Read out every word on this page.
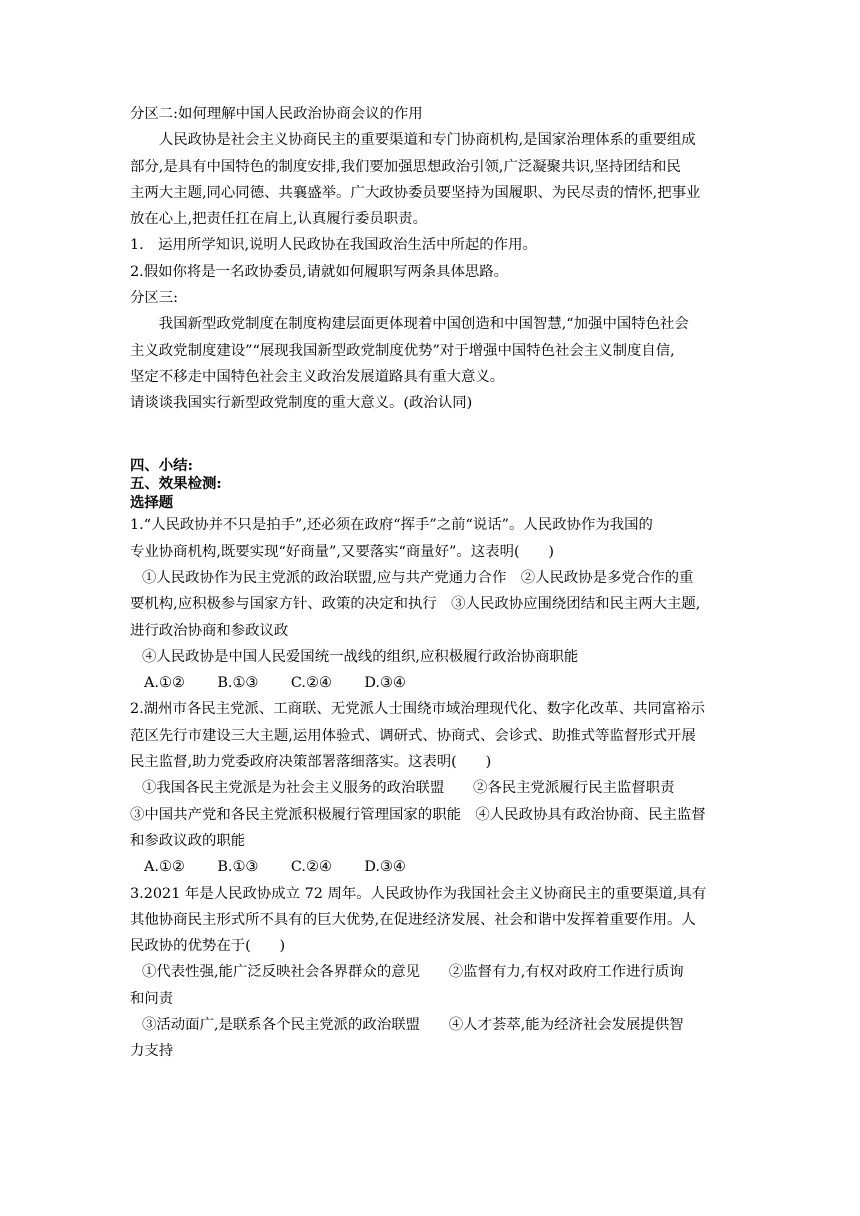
分区二:如何理解中国人民政治协商会议的作用
人民政协是社会主义协商民主的重要渠道和专门协商机构,是国家治理体系的重要组成
部分,是具有中国特色的制度安排,我们要加强思想政治引领,广泛凝聚共识,坚持团结和民
主两大主题,同心同德、共襄盛举。广大政协委员要坚持为国履职、为民尽责的情怀,把事业
放在心上,把责任扛在肩上,认真履行委员职责。
1.　运用所学知识,说明人民政协在我国政治生活中所起的作用。
2.假如你将是一名政协委员,请就如何履职写两条具体思路。
分区三:
我国新型政党制度在制度构建层面更体现着中国创造和中国智慧,“加强中国特色社会
主义政党制度建设”“展现我国新型政党制度优势”对于增强中国特色社会主义制度自信,
坚定不移走中国特色社会主义政治发展道路具有重大意义。
请谈谈我国实行新型政党制度的重大意义。(政治认同)
四、小结:
五、效果检测:
选择题
1.“人民政协并不只是拍手”,还必须在政府“挥手”之前“说话”。人民政协作为我国的
专业协商机构,既要实现“好商量”,又要落实“商量好”。这表明(　　)
①人民政协作为民主党派的政治联盟,应与共产党通力合作　②人民政协是多党合作的重
要机构,应积极参与国家方针、政策的决定和执行　③人民政协应围绕团结和民主两大主题,
进行政治协商和参政议政
④人民政协是中国人民爱国统一战线的组织,应积极履行政治协商职能
A.①② B.①③ C.②④ D.③④
2.湖州市各民主党派、工商联、无党派人士围绕市域治理现代化、数字化改革、共同富裕示
范区先行市建设三大主题,运用体验式、调研式、协商式、会诊式、助推式等监督形式开展
民主监督,助力党委政府决策部署落细落实。这表明(　　)
①我国各民主党派是为社会主义服务的政治联盟　　②各民主党派履行民主监督职责
③中国共产党和各民主党派积极履行管理国家的职能　④人民政协具有政治协商、民主监督
和参政议政的职能
A.①② B.①③ C.②④ D.③④
3.2021 年是人民政协成立 72 周年。人民政协作为我国社会主义协商民主的重要渠道,具有
其他协商民主形式所不具有的巨大优势,在促进经济发展、社会和谐中发挥着重要作用。人
民政协的优势在于(　　)
①代表性强,能广泛反映社会各界群众的意见　　②监督有力,有权对政府工作进行质询
和问责
③活动面广,是联系各个民主党派的政治联盟　　④人才荟萃,能为经济社会发展提供智
力支持
